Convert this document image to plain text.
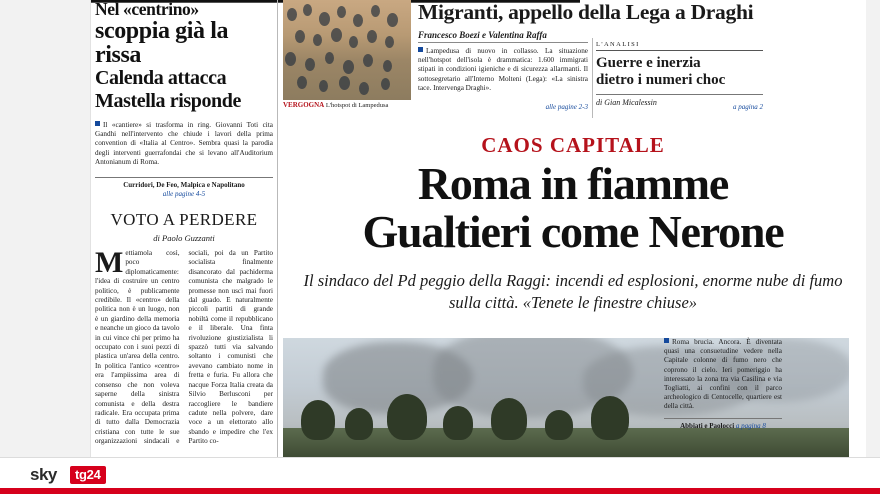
Nel «centrino»
scoppia già la rissa
Calenda attacca
Mastella risponde
Il «cantiere» si trasforma in ring. Giovanni Toti cita Gandhi nell'intervento che chiude i lavori della prima convention di «Italia al Centro». Sembra quasi la parodia degli interventi guerrafondai che si levano all'Auditorium Antonianum di Roma.
Curridori, De Feo, Malpica e Napolitano
alle pagine 4-5
VOTO A PERDERE
di Paolo Guzzanti
Mettiamola così, poco diplomaticamente: l'idea di costruire un centro politico, è publicamente credibile. Il «centro» della politica non è un luogo, non è un giardino della memoria e neanche un gioco da tavolo in cui vince chi per primo ha occupato con i suoi pezzi di plastica un'area della centro. In politica l'antico «centro» era l'ampiissima area di consenso che non voleva saperne della sinistra comunista e della destra radicale. Era occupata prima di tutto dalla Democrazia cristiana con tutte le sue organizzazioni sindacali e sociali, poi da un Partito socialista finalmente disancorato dal pachiderma comunista che malgrado le promesse non uscì mai fuori dal guado. E naturalmente piccoli partiti di grande nobiltà come il repubblicano e il liberale. Una finta rivoluzione giustizialista li spazzò tutti via salvando soltanto i comunisti che avevano cambiato nome in fretta e furia. Fu allora che nacque Forza Italia creata da Silvio Berlusconi per raccogliere le bandiere cadute nella polvere, dare voce a un elettorato allo sbando e impedire che l'ex Partito co-
VERGOGNA L'hotspot di Lampedusa
Migranti, appello della Lega a Draghi
Francesco Boezi e Valentina Raffa
Lampedusa di nuovo in collasso. La situazione nell'hotspot dell'isola è drammatica: 1.600 immigrati stipati in condizioni igieniche e di sicurezza allarmanti. Il sottosegretario all'Interno Molteni (Lega): «La sinistra tace. Intervenga Draghi».
alle pagine 2-3
L'ANALISI
Guerre e inerzia
dietro i numeri choc
di Gian Micalessin	a pagina 2
CAOS CAPITALE
Roma in fiamme
Gualtieri come Nerone
Il sindaco del Pd peggio della Raggi: incendi ed esplosioni, enorme nube di fumo sulla città. «Tenete le finestre chiuse»
Roma brucia. Ancora. È diventata quasi una consuetudine vedere nella Capitale colonne di fumo nero che coprono il cielo. Ieri pomeriggio ha interessato la zona tra via Casilina e via Togliatti, ai confini con il parco archeologico di Centocelle, quartiere est della città.
Abbiati e Paolocci a pagina 8
sky	tg24
